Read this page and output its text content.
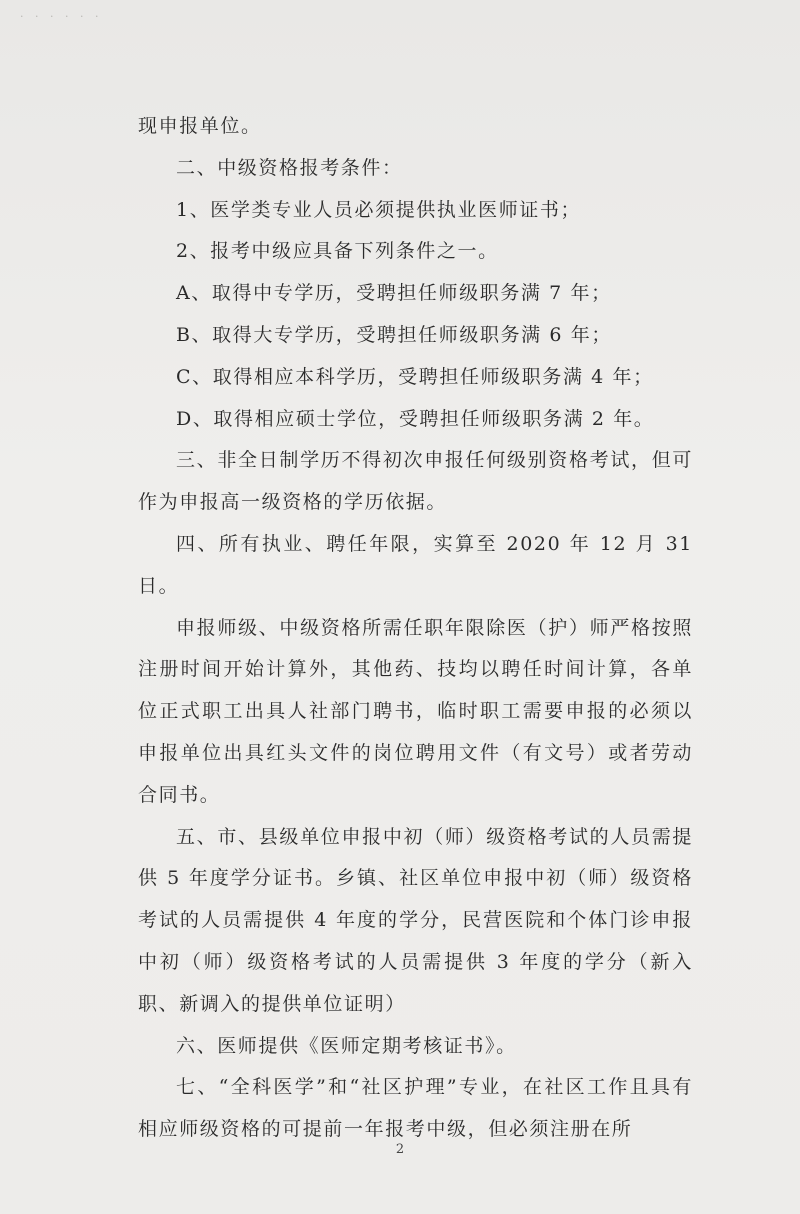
· · · · · ·

现申报单位。

二、中级资格报考条件：

1、医学类专业人员必须提供执业医师证书；

2、报考中级应具备下列条件之一。

A、取得中专学历，受聘担任师级职务满 7 年；

B、取得大专学历，受聘担任师级职务满 6 年；

C、取得相应本科学历，受聘担任师级职务满 4 年；

D、取得相应硕士学位，受聘担任师级职务满 2 年。

三、非全日制学历不得初次申报任何级别资格考试，但可作为申报高一级资格的学历依据。

四、所有执业、聘任年限，实算至 2020 年 12 月 31 日。

申报师级、中级资格所需任职年限除医（护）师严格按照注册时间开始计算外，其他药、技均以聘任时间计算，各单位正式职工出具人社部门聘书，临时职工需要申报的必须以申报单位出具红头文件的岗位聘用文件（有文号）或者劳动合同书。

五、市、县级单位申报中初（师）级资格考试的人员需提供 5 年度学分证书。乡镇、社区单位申报中初（师）级资格考试的人员需提供 4 年度的学分，民营医院和个体门诊申报中初（师）级资格考试的人员需提供 3 年度的学分（新入职、新调入的提供单位证明）

六、医师提供《医师定期考核证书》。

七、“全科医学”和“社区护理”专业，在社区工作且具有相应师级资格的可提前一年报考中级，但必须注册在所

2
